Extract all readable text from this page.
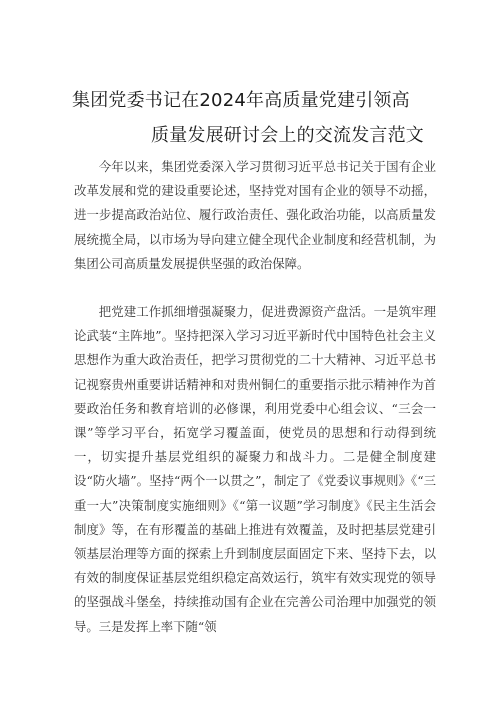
集团党委书记在2024年高质量党建引领高
质量发展研讨会上的交流发言范文

今年以来，集团党委深入学习贯彻习近平总书记关于国有企业改革发展和党的建设重要论述，坚持党对国有企业的领导不动摇，进一步提高政治站位、履行政治责任、强化政治功能，以高质量发展统揽全局，以市场为导向建立健全现代企业制度和经营机制，为集团公司高质量发展提供坚强的政治保障。

把党建工作抓细增强凝聚力，促进费源资产盘活。一是筑牢理论武装“主阵地”。坚持把深入学习习近平新时代中国特色社会主义思想作为重大政治责任，把学习贯彻党的二十大精神、习近平总书记视察贵州重要讲话精神和对贵州铜仁的重要指示批示精神作为首要政治任务和教育培训的必修课，利用党委中心组会议、“三会一课”等学习平台，拓宽学习覆盖面，使党员的思想和行动得到统一，切实提升基层党组织的凝聚力和战斗力。二是健全制度建设“防火墙”。坚持“两个一以贯之”，制定了《党委议事规则》《“三重一大”决策制度实施细则》《“第一议题”学习制度》《民主生活会制度》等，在有形覆盖的基础上推进有效覆盖，及时把基层党建引领基层治理等方面的探索上升到制度层面固定下来、坚持下去，以有效的制度保证基层党组织稳定高效运行，筑牢有效实现党的领导的坚强战斗堡垒，持续推动国有企业在完善公司治理中加强党的领导。三是发挥上率下随“领
